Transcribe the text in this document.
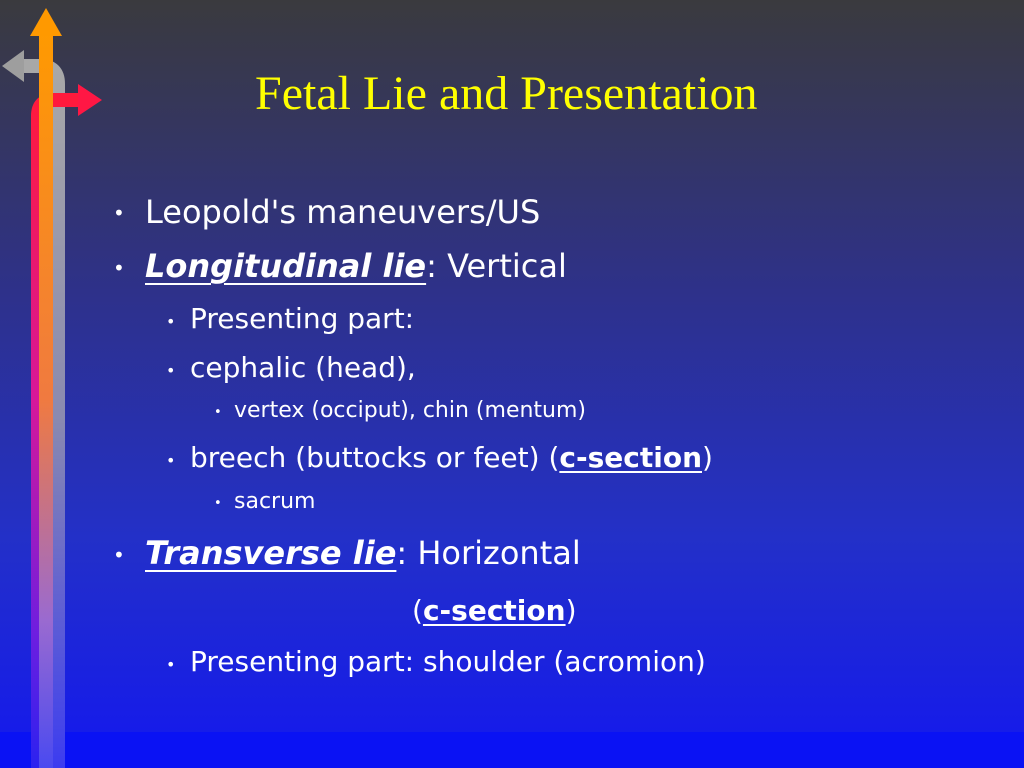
Fetal Lie and Presentation
• Leopold's maneuvers/US
• Longitudinal lie: Vertical
• Presenting part:
• cephalic (head),
• vertex (occiput), chin (mentum)
• breech (buttocks or feet) (c-section)
• sacrum
• Transverse lie: Horizontal
(c-section)
• Presenting part: shoulder (acromion)
